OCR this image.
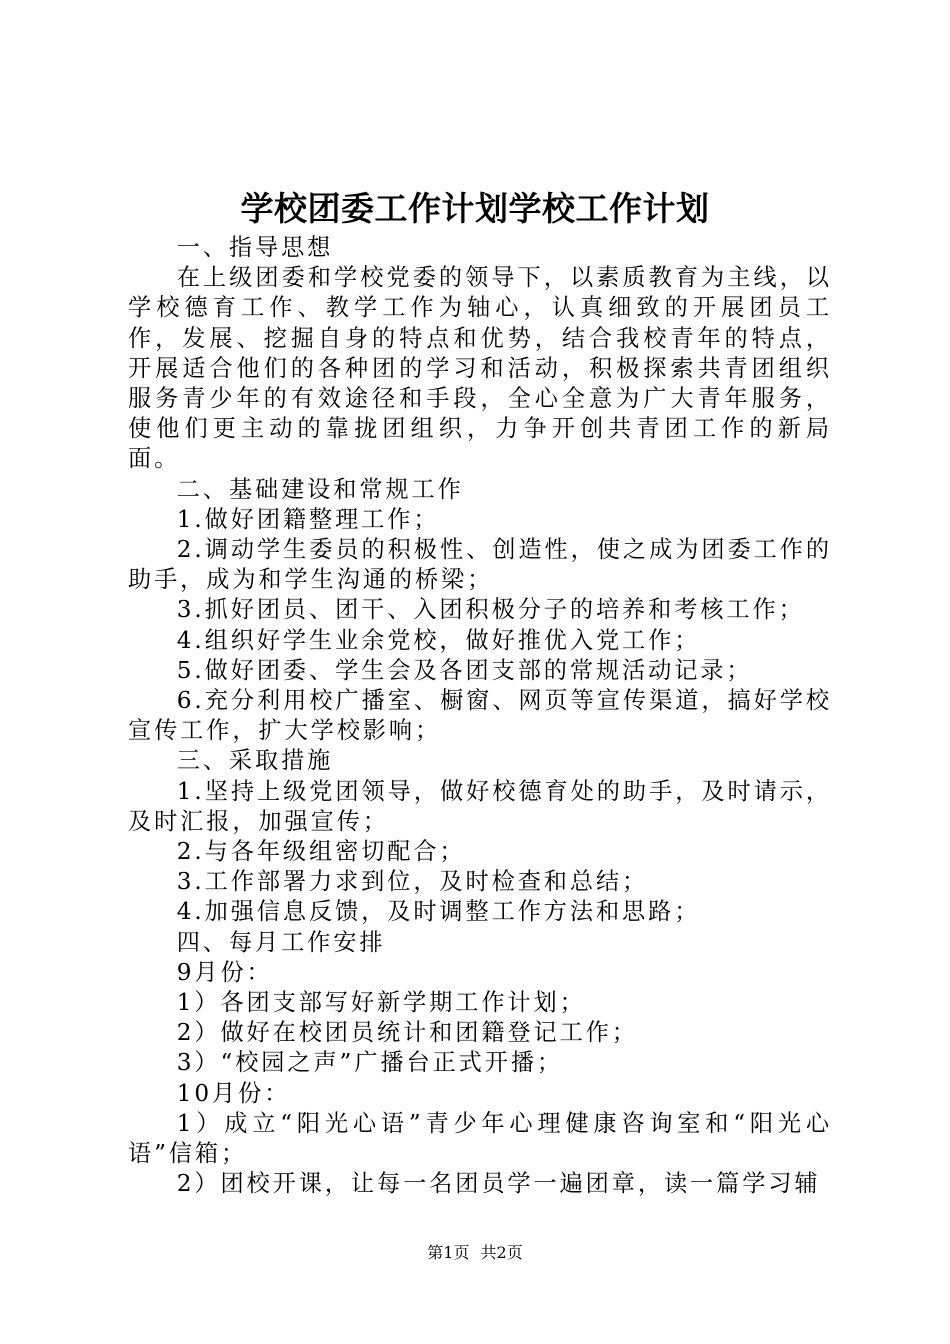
学校团委工作计划学校工作计划

一、指导思想

在上级团委和学校党委的领导下，以素质教育为主线，以学校德育工作、教学工作为轴心，认真细致的开展团员工作，发展、挖掘自身的特点和优势，结合我校青年的特点，开展适合他们的各种团的学习和活动，积极探索共青团组织服务青少年的有效途径和手段，全心全意为广大青年服务，使他们更主动的靠拢团组织，力争开创共青团工作的新局面。

二、基础建设和常规工作

1.做好团籍整理工作；

2.调动学生委员的积极性、创造性，使之成为团委工作的助手，成为和学生沟通的桥梁；

3.抓好团员、团干、入团积极分子的培养和考核工作；

4.组织好学生业余党校，做好推优入党工作；

5.做好团委、学生会及各团支部的常规活动记录；

6.充分利用校广播室、橱窗、网页等宣传渠道，搞好学校宣传工作，扩大学校影响；

三、采取措施

1.坚持上级党团领导，做好校德育处的助手，及时请示，及时汇报，加强宣传；

2.与各年级组密切配合；

3.工作部署力求到位，及时检查和总结；

4.加强信息反馈，及时调整工作方法和思路；

四、每月工作安排

9月份：

1）各团支部写好新学期工作计划；

2）做好在校团员统计和团籍登记工作；

3）“校园之声”广播台正式开播；

10月份：

1）成立“阳光心语”青少年心理健康咨询室和“阳光心语”信箱；

2）团校开课，让每一名团员学一遍团章，读一篇学习辅

第1页 共2页
